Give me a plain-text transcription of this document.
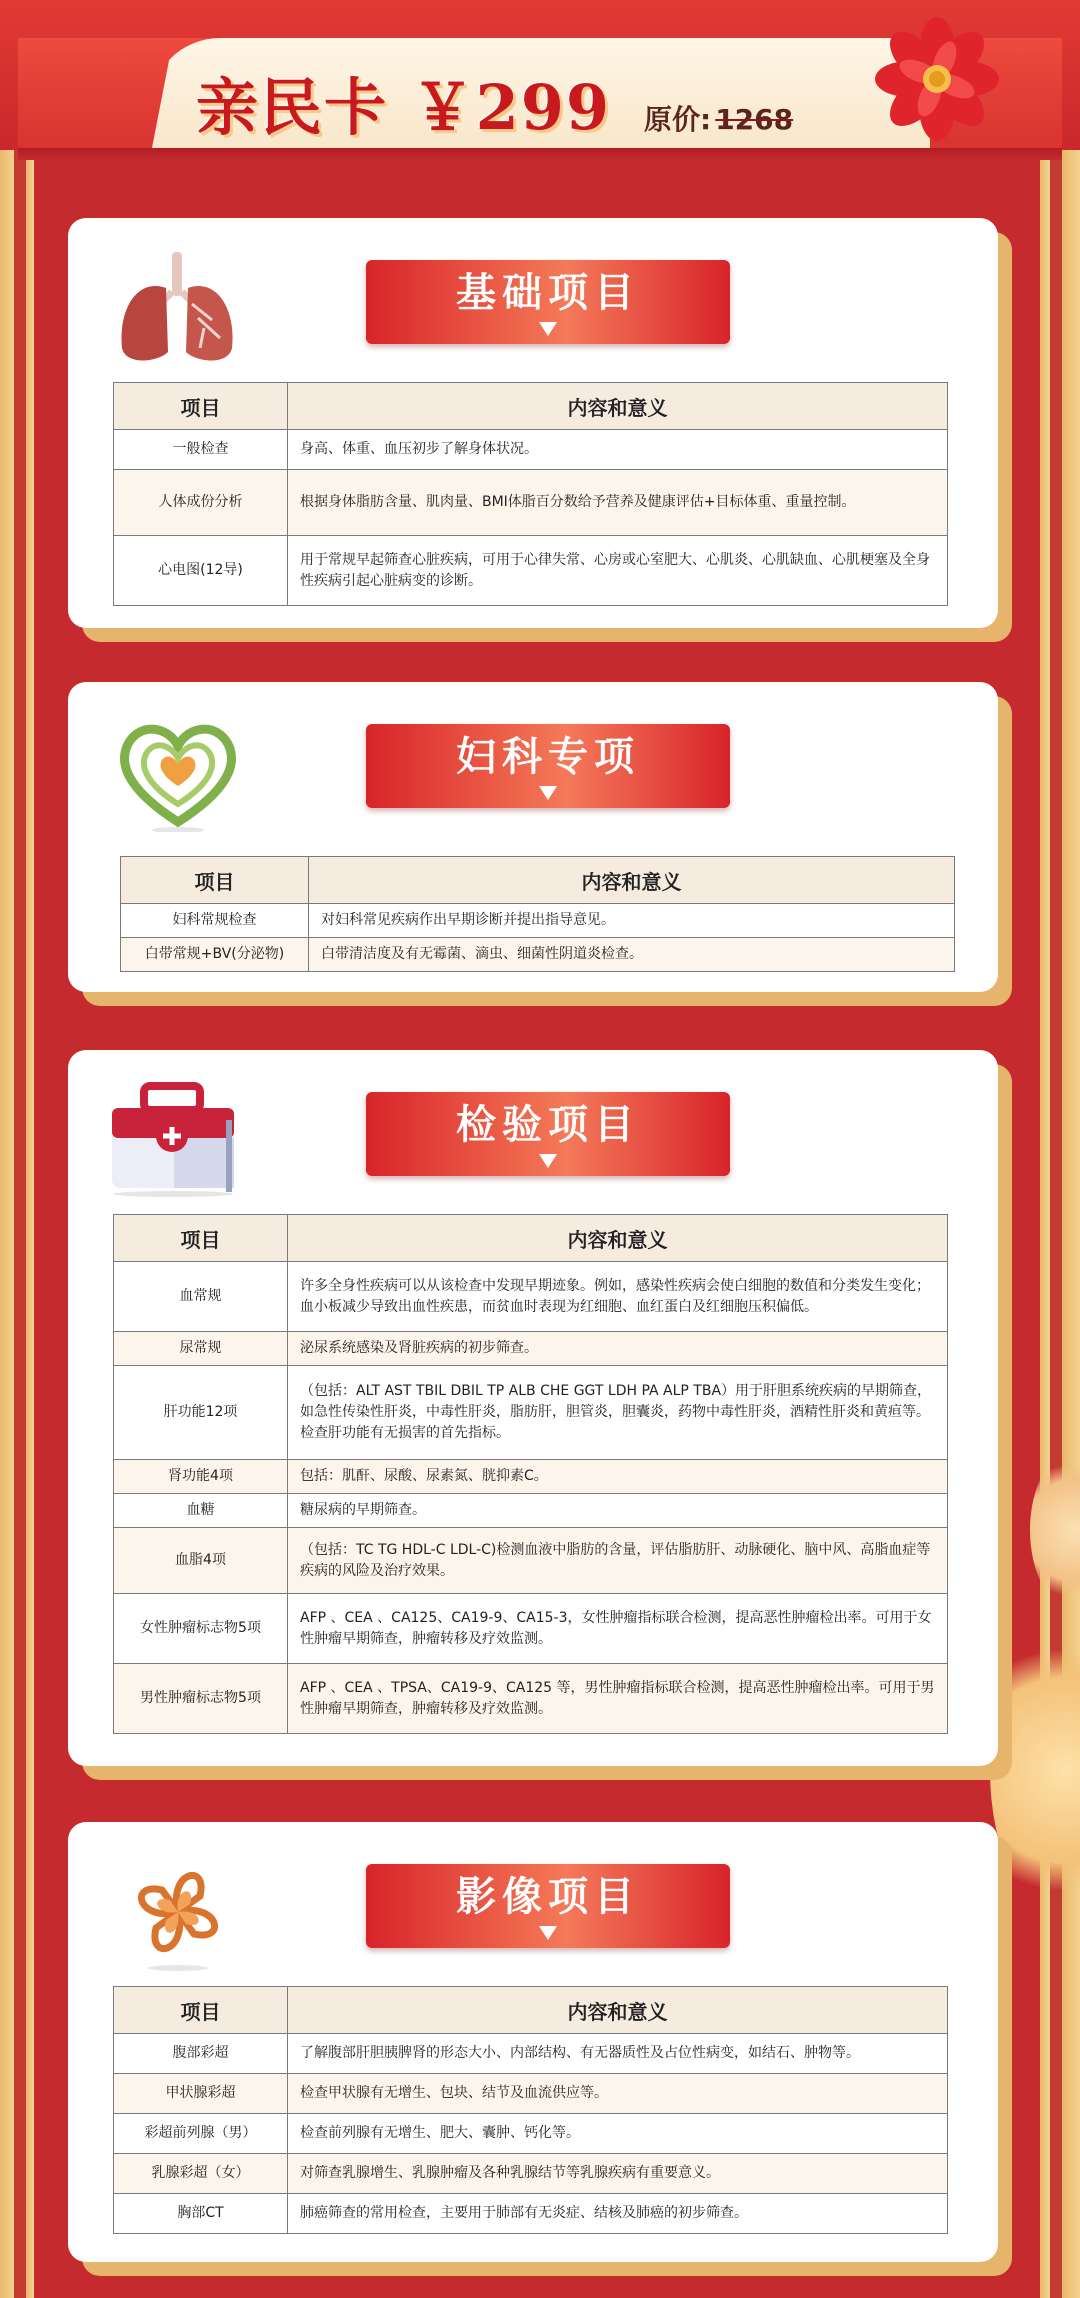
亲民卡 ￥299 原价: 1268
基础项目
项目	内容和意义
一般检查	身高、体重、血压初步了解身体状况。
人体成份分析	根据身体脂肪含量、肌肉量、BMI体脂百分数给予营养及健康评估+目标体重、重量控制。
心电图(12导)	用于常规早起筛查心脏疾病，可用于心律失常、心房或心室肥大、心肌炎、心肌缺血、心肌梗塞及全身性疾病引起心脏病变的诊断。
妇科专项
项目	内容和意义
妇科常规检查	对妇科常见疾病作出早期诊断并提出指导意见。
白带常规+BV(分泌物)	白带清洁度及有无霉菌、滴虫、细菌性阴道炎检查。
检验项目
项目	内容和意义
血常规	许多全身性疾病可以从该检查中发现早期迹象。例如，感染性疾病会使白细胞的数值和分类发生变化；血小板减少导致出血性疾患，而贫血时表现为红细胞、血红蛋白及红细胞压积偏低。
尿常规	泌尿系统感染及肾脏疾病的初步筛查。
肝功能12项	（包括：ALT AST TBIL DBIL TP ALB CHE GGT LDH PA ALP TBA）用于肝胆系统疾病的早期筛查，如急性传染性肝炎，中毒性肝炎，脂肪肝，胆管炎，胆囊炎，药物中毒性肝炎，酒精性肝炎和黄疸等。检查肝功能有无损害的首先指标。
肾功能4项	包括：肌酐、尿酸、尿素氮、胱抑素C。
血糖	糖尿病的早期筛查。
血脂4项	（包括：TC TG HDL-C LDL-C)检测血液中脂肪的含量，评估脂肪肝、动脉硬化、脑中风、高脂血症等疾病的风险及治疗效果。
女性肿瘤标志物5项	AFP 、CEA 、CA125、CA19-9、CA15-3，女性肿瘤指标联合检测，提高恶性肿瘤检出率。可用于女性肿瘤早期筛查，肿瘤转移及疗效监测。
男性肿瘤标志物5项	AFP 、CEA 、TPSA、CA19-9、CA125 等，男性肿瘤指标联合检测，提高恶性肿瘤检出率。可用于男性肿瘤早期筛查，肿瘤转移及疗效监测。
影像项目
项目	内容和意义
腹部彩超	了解腹部肝胆胰脾肾的形态大小、内部结构、有无器质性及占位性病变，如结石、肿物等。
甲状腺彩超	检查甲状腺有无增生、包块、结节及血流供应等。
彩超前列腺（男）	检查前列腺有无增生、肥大、囊肿、钙化等。
乳腺彩超（女）	对筛查乳腺增生、乳腺肿瘤及各种乳腺结节等乳腺疾病有重要意义。
胸部CT	肺癌筛查的常用检查，主要用于肺部有无炎症、结核及肺癌的初步筛查。
